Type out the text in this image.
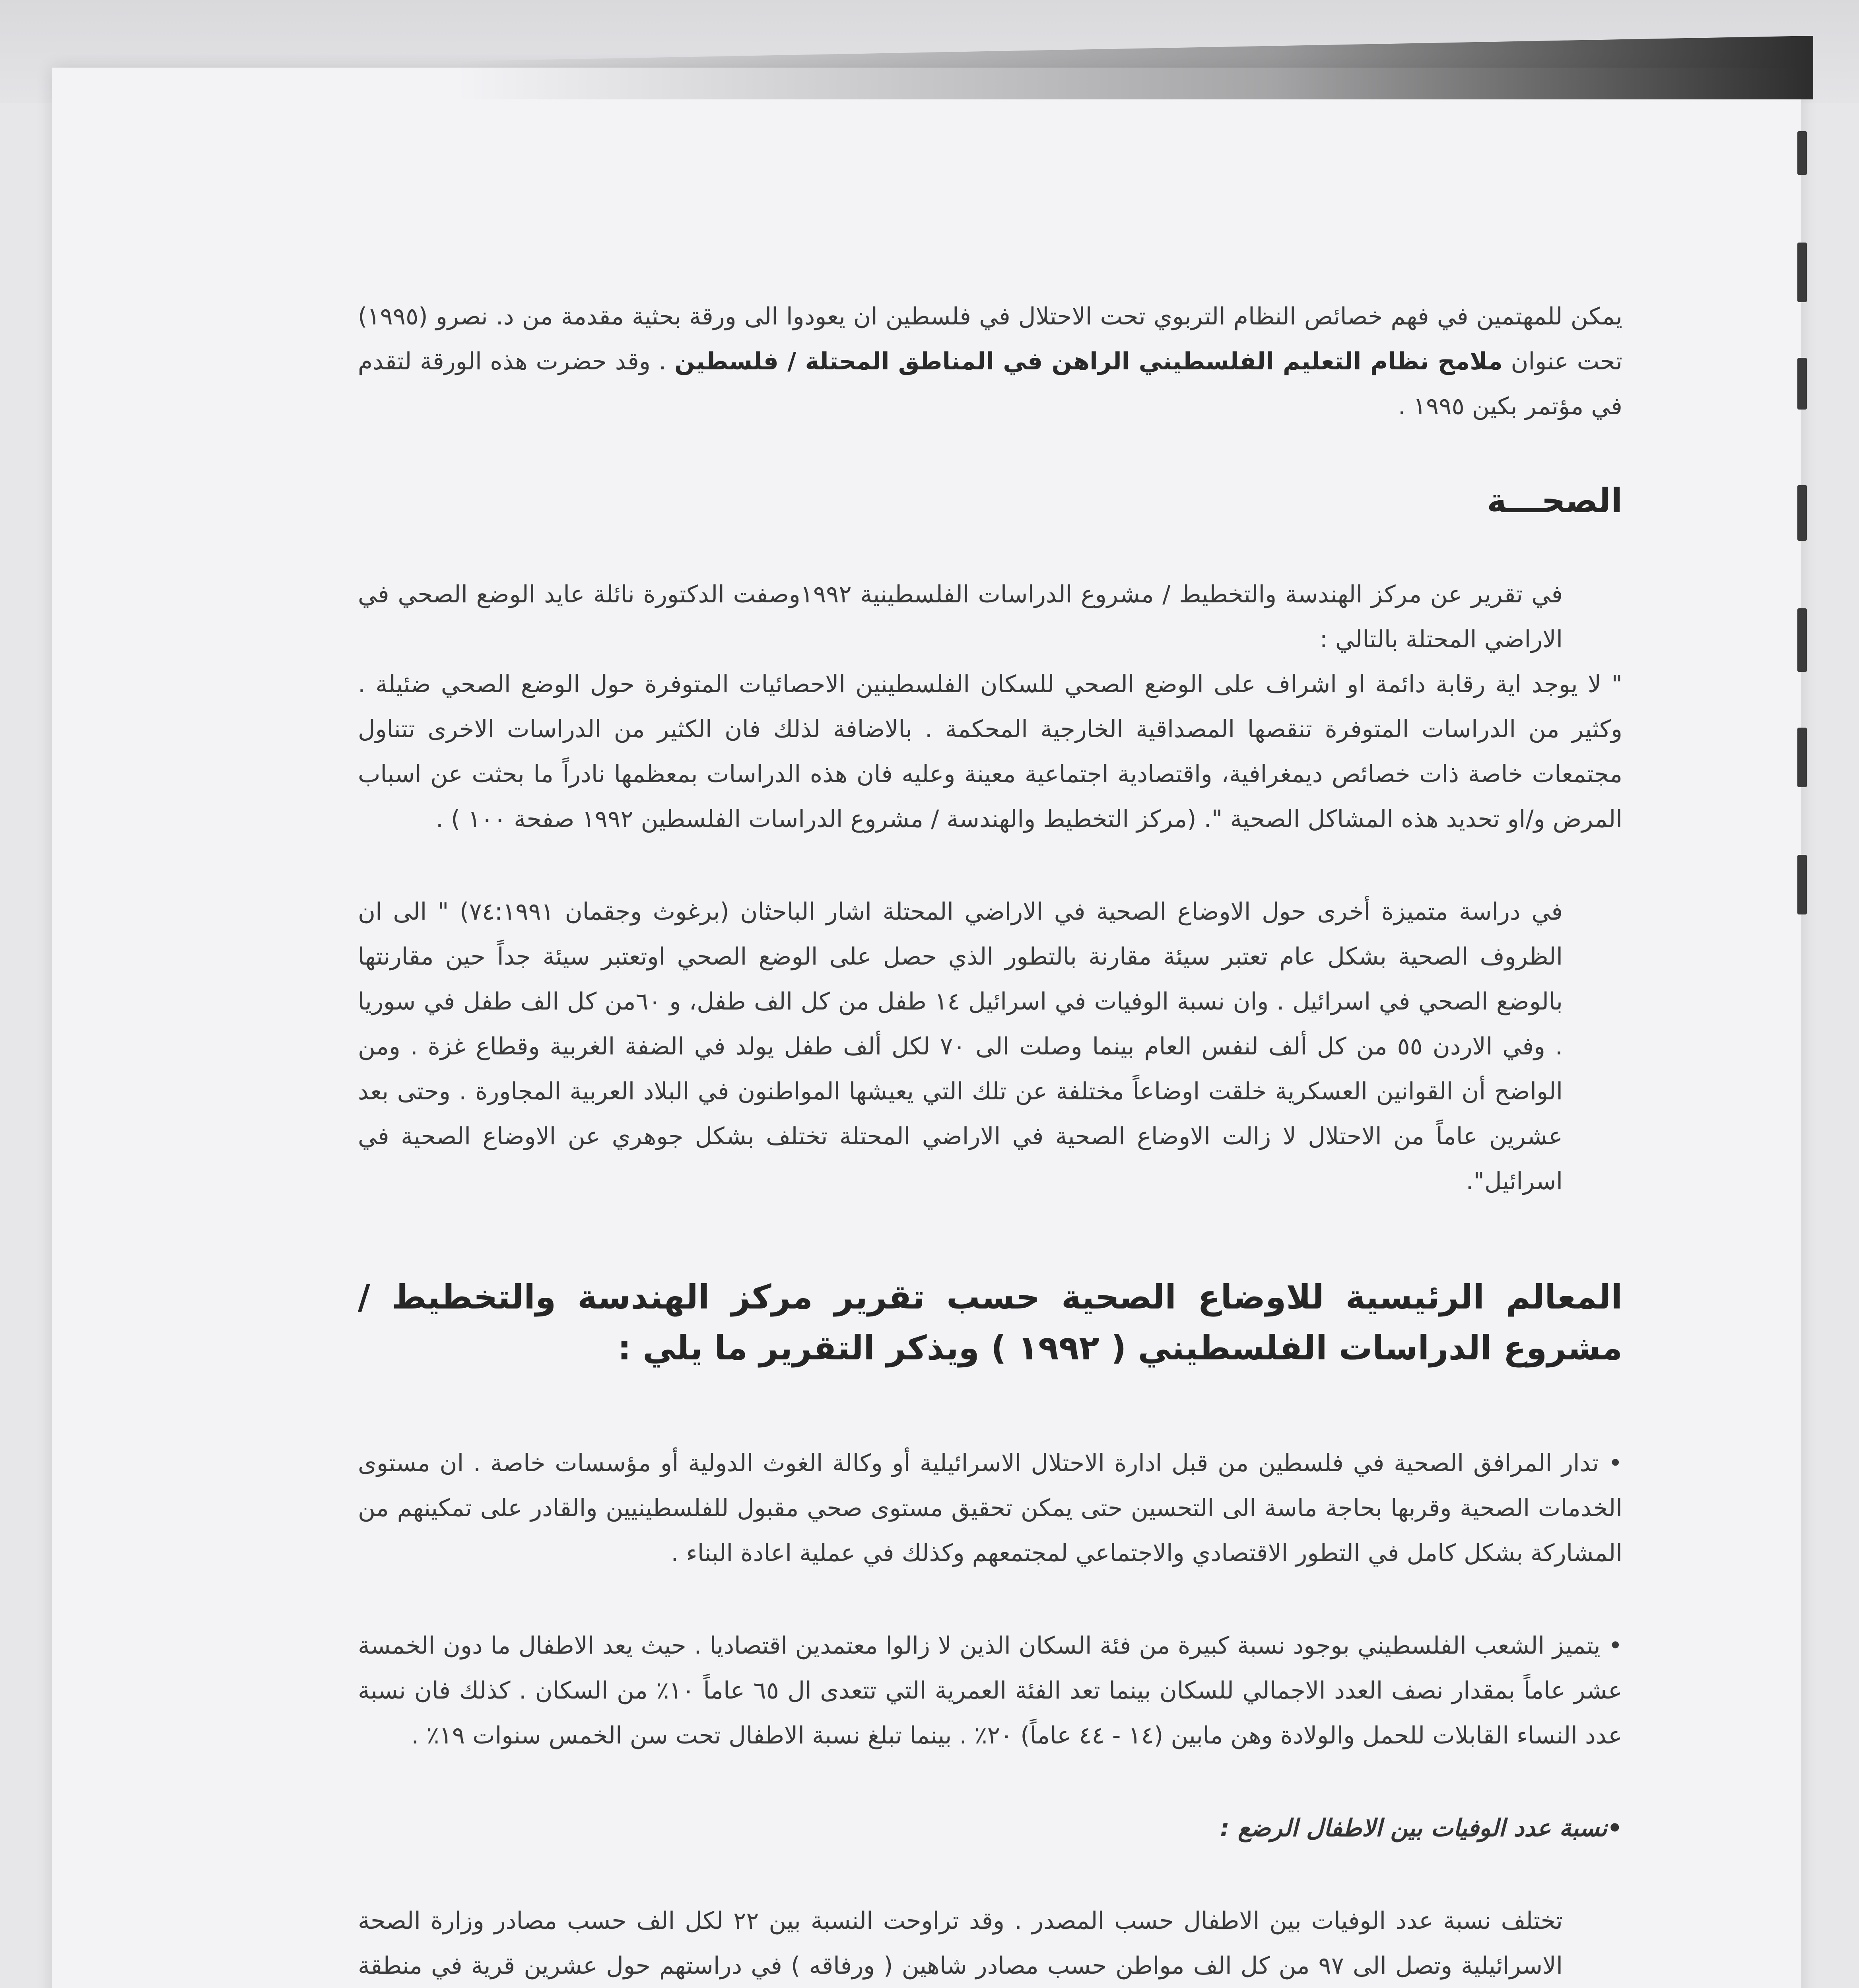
يمكن للمهتمين في فهم خصائص النظام التربوي تحت الاحتلال في فلسطين ان يعودوا الى ورقة بحثية مقدمة من د. نصرو (١٩٩٥) تحت عنوان ملامح نظام التعليم الفلسطيني الراهن في المناطق المحتلة / فلسطين . وقد حضرت هذه الورقة لتقدم في مؤتمر بكين ١٩٩٥ .

الصحـــة

في تقرير عن مركز الهندسة والتخطيط / مشروع الدراسات الفلسطينية ١٩٩٢وصفت الدكتورة نائلة عايد الوضع الصحي في الاراضي المحتلة بالتالي :

" لا يوجد اية رقابة دائمة او اشراف على الوضع الصحي للسكان الفلسطينين الاحصائيات المتوفرة حول الوضع الصحي ضئيلة . وكثير من الدراسات المتوفرة تنقصها المصداقية الخارجية المحكمة . بالاضافة لذلك فان الكثير من الدراسات الاخرى تتناول مجتمعات خاصة ذات خصائص ديمغرافية، واقتصادية اجتماعية معينة وعليه فان هذه الدراسات بمعظمها نادراً ما بحثت عن اسباب المرض و/او تحديد هذه المشاكل الصحية ". (مركز التخطيط والهندسة / مشروع الدراسات الفلسطين ١٩٩٢ صفحة ١٠٠ ) .

في دراسة متميزة أخرى حول الاوضاع الصحية في الاراضي المحتلة اشار الباحثان (برغوث وجقمان ٧٤:١٩٩١) " الى ان الظروف الصحية بشكل عام تعتبر سيئة مقارنة بالتطور الذي حصل على الوضع الصحي اوتعتبر سيئة جداً حين مقارنتها بالوضع الصحي في اسرائيل . وان نسبة الوفيات في اسرائيل ١٤ طفل من كل الف طفل، و ٦٠من كل الف طفل في سوريا . وفي الاردن ٥٥ من كل ألف لنفس العام بينما وصلت الى ٧٠ لكل ألف طفل يولد في الضفة الغربية وقطاع غزة . ومن الواضح أن القوانين العسكرية خلقت اوضاعاً مختلفة عن تلك التي يعيشها المواطنون في البلاد العربية المجاورة . وحتى بعد عشرين عاماً من الاحتلال لا زالت الاوضاع الصحية في الاراضي المحتلة تختلف بشكل جوهري عن الاوضاع الصحية في اسرائيل".

المعالم الرئيسية للاوضاع الصحية حسب تقرير مركز الهندسة والتخطيط / مشروع الدراسات الفلسطيني ( ١٩٩٢ ) ويذكر التقرير ما يلي :

• تدار المرافق الصحية في فلسطين من قبل ادارة الاحتلال الاسرائيلية أو وكالة الغوث الدولية أو مؤسسات خاصة . ان مستوى الخدمات الصحية وقربها بحاجة ماسة الى التحسين حتى يمكن تحقيق مستوى صحي مقبول للفلسطينيين والقادر على تمكينهم من المشاركة بشكل كامل في التطور الاقتصادي والاجتماعي لمجتمعهم وكذلك في عملية اعادة البناء .

• يتميز الشعب الفلسطيني بوجود نسبة كبيرة من فئة السكان الذين لا زالوا معتمدين اقتصاديا . حيث يعد الاطفال ما دون الخمسة عشر عاماً بمقدار نصف العدد الاجمالي للسكان بينما تعد الفئة العمرية التي تتعدى ال ٦٥ عاماً ١٠٪ من السكان . كذلك فان نسبة عدد النساء القابلات للحمل والولادة وهن مابين (١٤ - ٤٤ عاماً) ٢٠٪ . بينما تبلغ نسبة الاطفال تحت سن الخمس سنوات ١٩٪ .

•نسبة عدد الوفيات بين الاطفال الرضع :

تختلف نسبة عدد الوفيات بين الاطفال حسب المصدر . وقد تراوحت النسبة بين ٢٢ لكل الف حسب مصادر وزارة الصحة الاسرائيلية وتصل الى ٩٧ من كل الف مواطن حسب مصادر شاهين ( ورفاقه ) في دراستهم حول عشرين قرية في منطقة
